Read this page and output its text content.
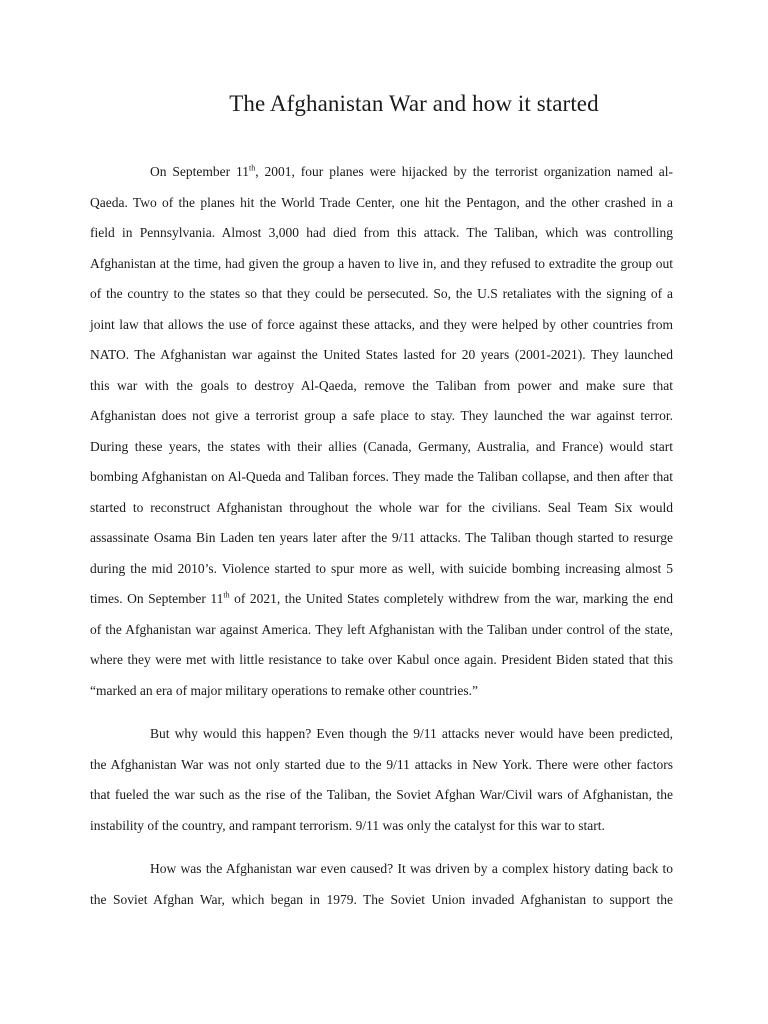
The Afghanistan War and how it started
On September 11th, 2001, four planes were hijacked by the terrorist organization named al-
Qaeda. Two of the planes hit the World Trade Center, one hit the Pentagon, and the other crashed in a
field in Pennsylvania. Almost 3,000 had died from this attack. The Taliban, which was controlling
Afghanistan at the time, had given the group a haven to live in, and they refused to extradite the group out
of the country to the states so that they could be persecuted. So, the U.S retaliates with the signing of a
joint law that allows the use of force against these attacks, and they were helped by other countries from
NATO. The Afghanistan war against the United States lasted for 20 years (2001-2021). They launched
this war with the goals to destroy Al-Qaeda, remove the Taliban from power and make sure that
Afghanistan does not give a terrorist group a safe place to stay. They launched the war against terror.
During these years, the states with their allies (Canada, Germany, Australia, and France) would start
bombing Afghanistan on Al-Queda and Taliban forces. They made the Taliban collapse, and then after that
started to reconstruct Afghanistan throughout the whole war for the civilians. Seal Team Six would
assassinate Osama Bin Laden ten years later after the 9/11 attacks. The Taliban though started to resurge
during the mid 2010’s. Violence started to spur more as well, with suicide bombing increasing almost 5
times. On September 11th of 2021, the United States completely withdrew from the war, marking the end
of the Afghanistan war against America. They left Afghanistan with the Taliban under control of the state,
where they were met with little resistance to take over Kabul once again. President Biden stated that this
“marked an era of major military operations to remake other countries.”
But why would this happen? Even though the 9/11 attacks never would have been predicted,
the Afghanistan War was not only started due to the 9/11 attacks in New York. There were other factors
that fueled the war such as the rise of the Taliban, the Soviet Afghan War/Civil wars of Afghanistan, the
instability of the country, and rampant terrorism. 9/11 was only the catalyst for this war to start.
How was the Afghanistan war even caused? It was driven by a complex history dating back to
the Soviet Afghan War, which began in 1979. The Soviet Union invaded Afghanistan to support the
